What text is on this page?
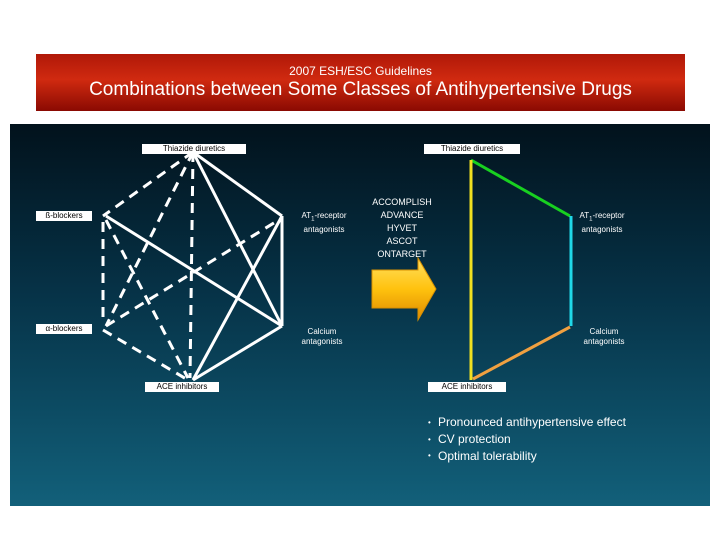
2007 ESH/ESC Guidelines
Combinations between Some Classes of Antihypertensive Drugs
Thiazide diuretics
ß-blockers
α-blockers
$AT_1$-receptor
antagonists
Calcium
antagonists
ACE inhibitors
ACCOMPLISH
ADVANCE
HYVET
ASCOT
ONTARGET
Thiazide diuretics
$AT_1$-receptor
antagonists
Calcium
antagonists
ACE inhibitors
• Pronounced antihypertensive effect
• CV protection
• Optimal tolerability
